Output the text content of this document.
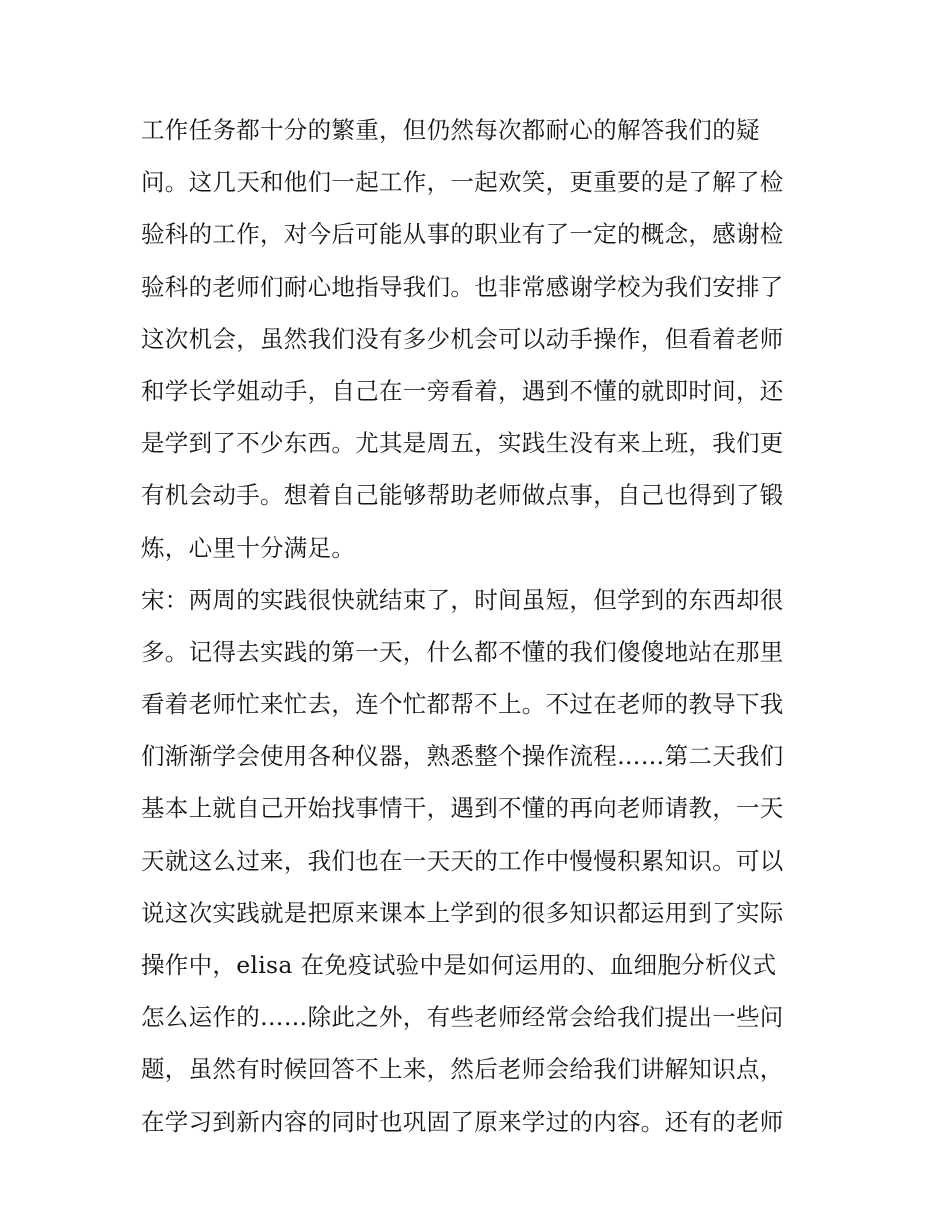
工作任务都十分的繁重，但仍然每次都耐心的解答我们的疑
问。这几天和他们一起工作，一起欢笑，更重要的是了解了检
验科的工作，对今后可能从事的职业有了一定的概念，感谢检
验科的老师们耐心地指导我们。也非常感谢学校为我们安排了
这次机会，虽然我们没有多少机会可以动手操作，但看着老师
和学长学姐动手，自己在一旁看着，遇到不懂的就即时间，还
是学到了不少东西。尤其是周五，实践生没有来上班，我们更
有机会动手。想着自己能够帮助老师做点事，自己也得到了锻
炼，心里十分满足。
宋：两周的实践很快就结束了，时间虽短，但学到的东西却很
多。记得去实践的第一天，什么都不懂的我们傻傻地站在那里
看着老师忙来忙去，连个忙都帮不上。不过在老师的教导下我
们渐渐学会使用各种仪器，熟悉整个操作流程……第二天我们
基本上就自己开始找事情干，遇到不懂的再向老师请教，一天
天就这么过来，我们也在一天天的工作中慢慢积累知识。可以
说这次实践就是把原来课本上学到的很多知识都运用到了实际
操作中，elisa 在免疫试验中是如何运用的、血细胞分析仪式
怎么运作的……除此之外，有些老师经常会给我们提出一些问
题，虽然有时候回答不上来，然后老师会给我们讲解知识点，
在学习到新内容的同时也巩固了原来学过的内容。还有的老师
